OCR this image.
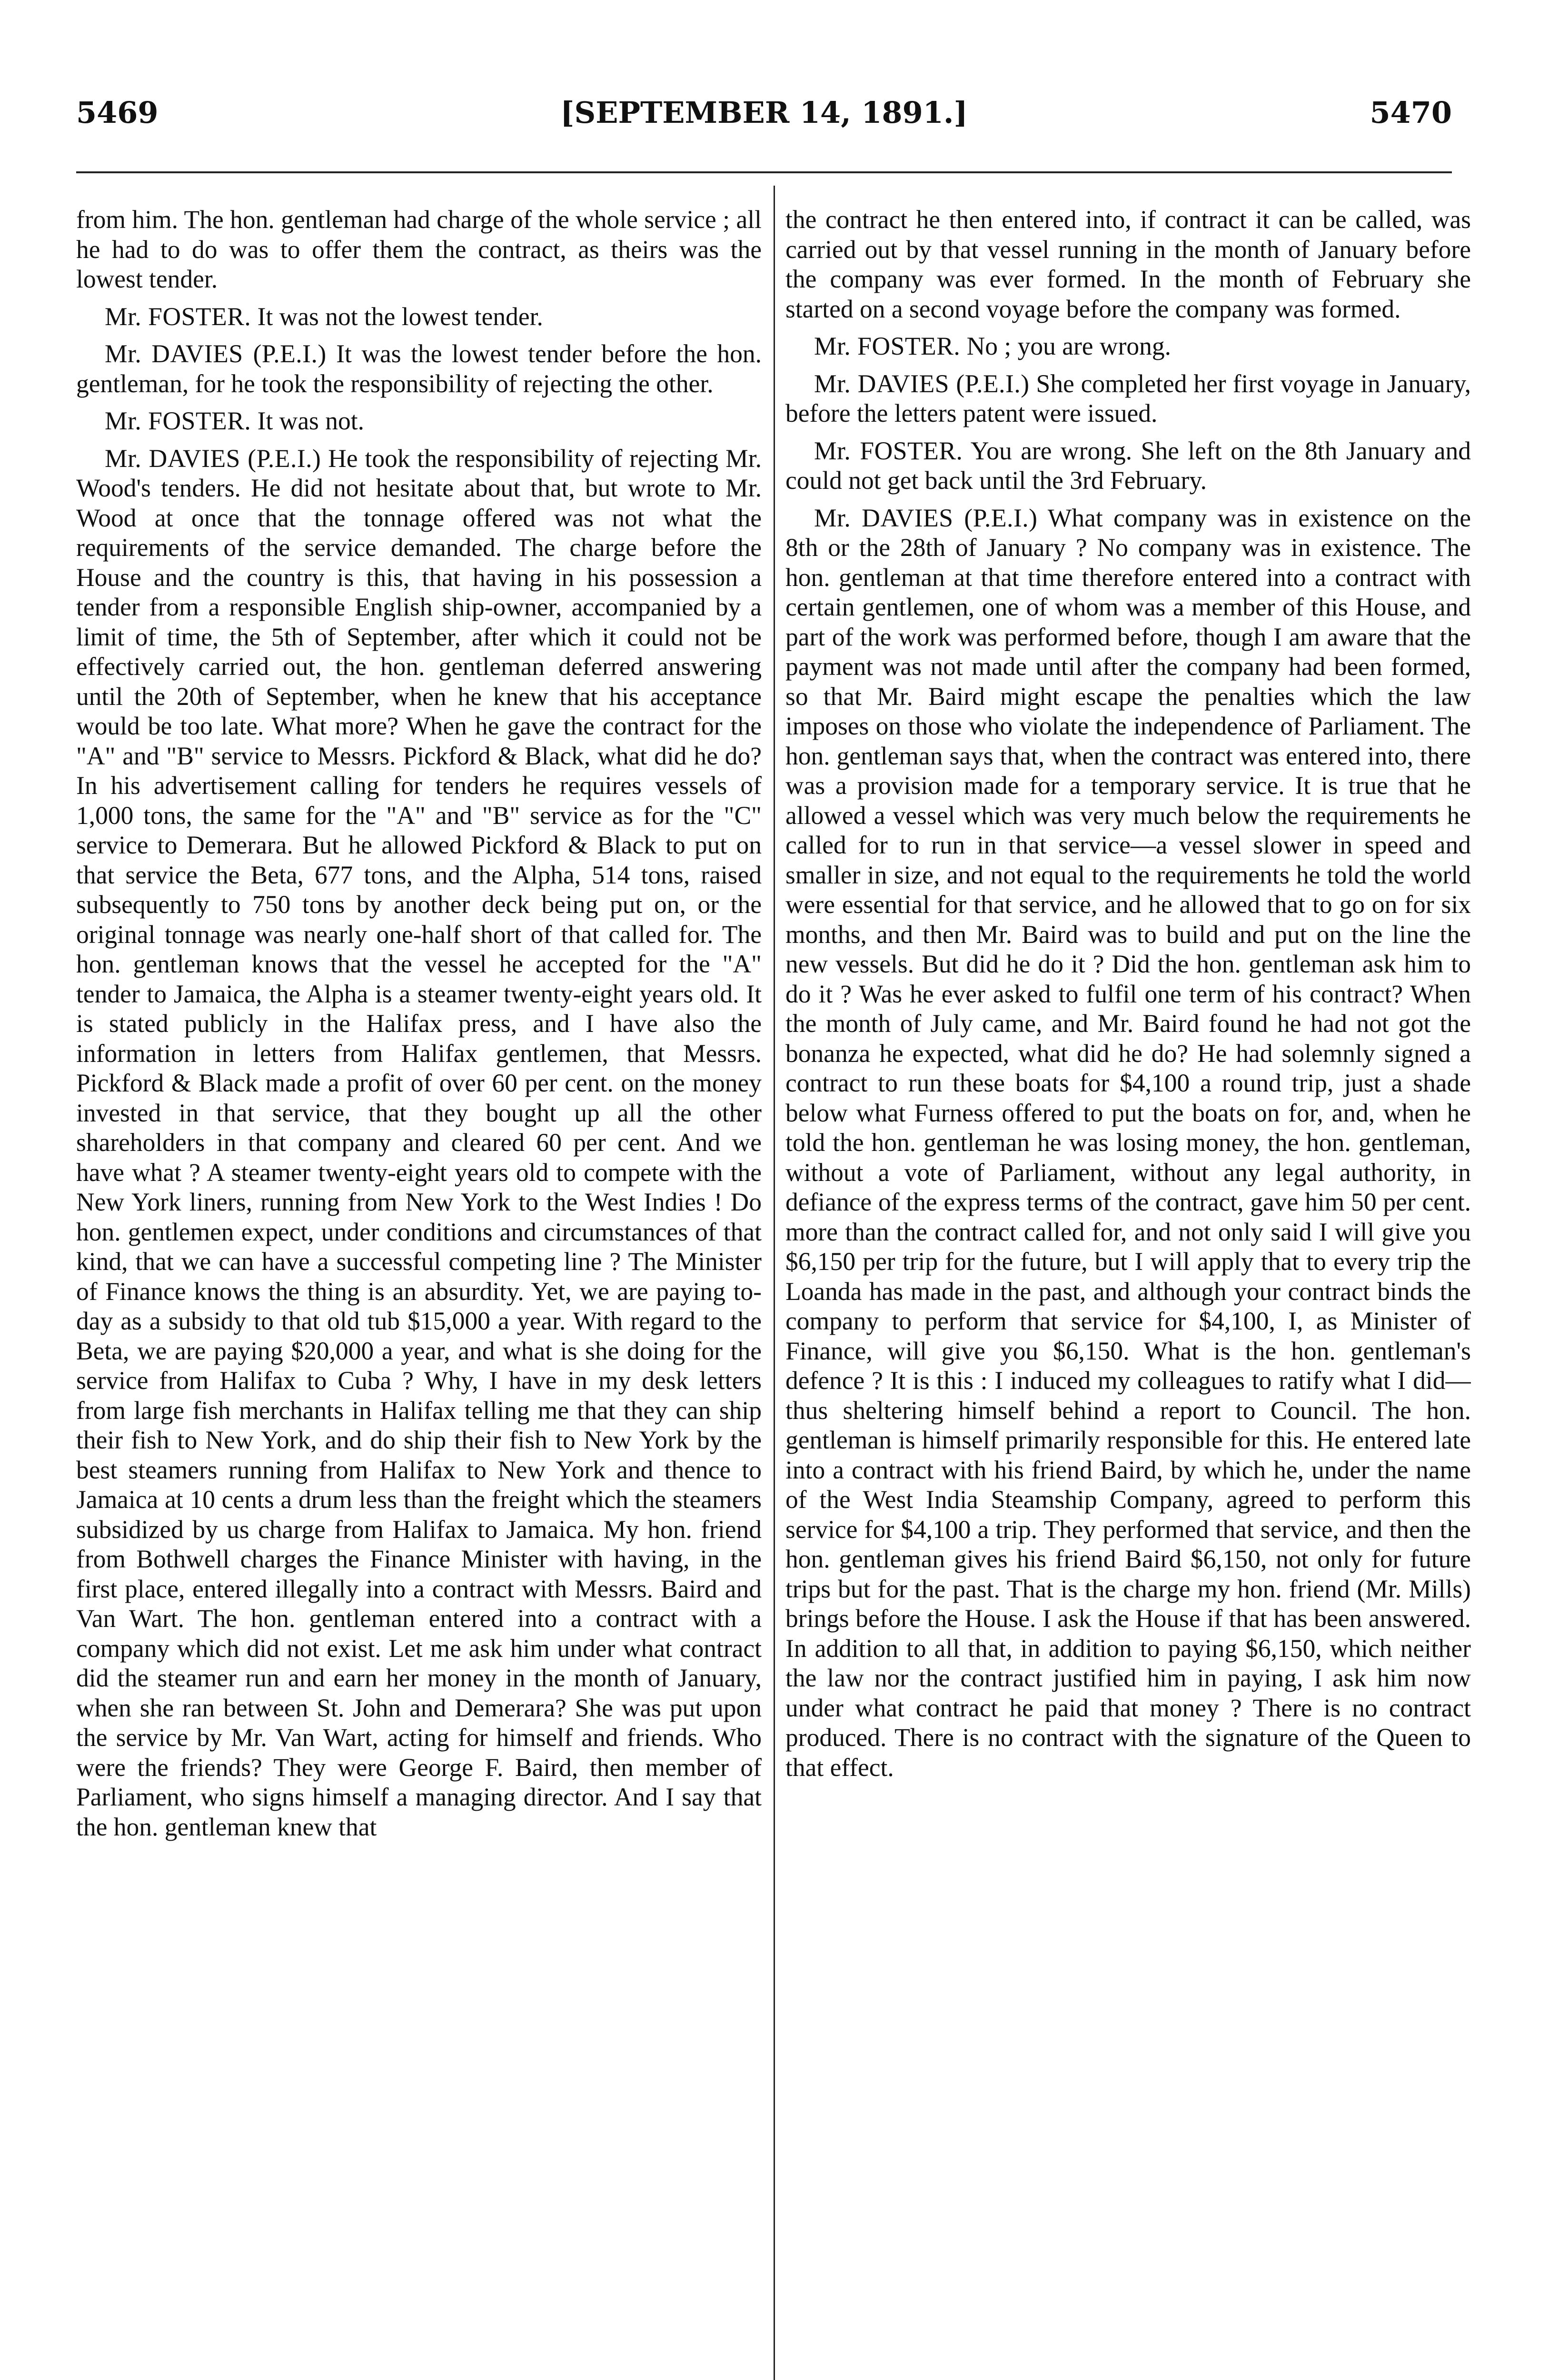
5469	[SEPTEMBER 14, 1891.]	5470

from him. The hon. gentleman had charge of the whole service ; all he had to do was to offer them the contract, as theirs was the lowest tender.

Mr. FOSTER. It was not the lowest tender.

Mr. DAVIES (P.E.I.) It was the lowest tender before the hon. gentleman, for he took the responsibility of rejecting the other.

Mr. FOSTER. It was not.

Mr. DAVIES (P.E.I.) He took the responsibility of rejecting Mr. Wood's tenders. He did not hesitate about that, but wrote to Mr. Wood at once that the tonnage offered was not what the requirements of the service demanded. The charge before the House and the country is this, that having in his possession a tender from a responsible English ship-owner, accompanied by a limit of time, the 5th of September, after which it could not be effectively carried out, the hon. gentleman deferred answering until the 20th of September, when he knew that his acceptance would be too late. What more? When he gave the contract for the "A" and "B" service to Messrs. Pickford & Black, what did he do? In his advertisement calling for tenders he requires vessels of 1,000 tons, the same for the "A" and "B" service as for the "C" service to Demerara. But he allowed Pickford & Black to put on that service the Beta, 677 tons, and the Alpha, 514 tons, raised subsequently to 750 tons by another deck being put on, or the original tonnage was nearly one-half short of that called for. The hon. gentleman knows that the vessel he accepted for the "A" tender to Jamaica, the Alpha is a steamer twenty-eight years old. It is stated publicly in the Halifax press, and I have also the information in letters from Halifax gentlemen, that Messrs. Pickford & Black made a profit of over 60 per cent. on the money invested in that service, that they bought up all the other shareholders in that company and cleared 60 per cent. And we have what ? A steamer twenty-eight years old to compete with the New York liners, running from New York to the West Indies ! Do hon. gentlemen expect, under conditions and circumstances of that kind, that we can have a successful competing line ? The Minister of Finance knows the thing is an absurdity. Yet, we are paying to-day as a subsidy to that old tub $15,000 a year. With regard to the Beta, we are paying $20,000 a year, and what is she doing for the service from Halifax to Cuba ? Why, I have in my desk letters from large fish merchants in Halifax telling me that they can ship their fish to New York, and do ship their fish to New York by the best steamers running from Halifax to New York and thence to Jamaica at 10 cents a drum less than the freight which the steamers subsidized by us charge from Halifax to Jamaica. My hon. friend from Bothwell charges the Finance Minister with having, in the first place, entered illegally into a contract with Messrs. Baird and Van Wart. The hon. gentleman entered into a contract with a company which did not exist. Let me ask him under what contract did the steamer run and earn her money in the month of January, when she ran between St. John and Demerara? She was put upon the service by Mr. Van Wart, acting for himself and friends. Who were the friends? They were George F. Baird, then member of Parliament, who signs himself a managing director. And I say that the hon. gentleman knew that

the contract he then entered into, if contract it can be called, was carried out by that vessel running in the month of January before the company was ever formed. In the month of February she started on a second voyage before the company was formed.

Mr. FOSTER. No ; you are wrong.

Mr. DAVIES (P.E.I.) She completed her first voyage in January, before the letters patent were issued.

Mr. FOSTER. You are wrong. She left on the 8th January and could not get back until the 3rd February.

Mr. DAVIES (P.E.I.) What company was in existence on the 8th or the 28th of January ? No company was in existence. The hon. gentleman at that time therefore entered into a contract with certain gentlemen, one of whom was a member of this House, and part of the work was performed before, though I am aware that the payment was not made until after the company had been formed, so that Mr. Baird might escape the penalties which the law imposes on those who violate the independence of Parliament. The hon. gentleman says that, when the contract was entered into, there was a provision made for a temporary service. It is true that he allowed a vessel which was very much below the requirements he called for to run in that service—a vessel slower in speed and smaller in size, and not equal to the requirements he told the world were essential for that service, and he allowed that to go on for six months, and then Mr. Baird was to build and put on the line the new vessels. But did he do it ? Did the hon. gentleman ask him to do it ? Was he ever asked to fulfil one term of his contract? When the month of July came, and Mr. Baird found he had not got the bonanza he expected, what did he do? He had solemnly signed a contract to run these boats for $4,100 a round trip, just a shade below what Furness offered to put the boats on for, and, when he told the hon. gentleman he was losing money, the hon. gentleman, without a vote of Parliament, without any legal authority, in defiance of the express terms of the contract, gave him 50 per cent. more than the contract called for, and not only said I will give you $6,150 per trip for the future, but I will apply that to every trip the Loanda has made in the past, and although your contract binds the company to perform that service for $4,100, I, as Minister of Finance, will give you $6,150. What is the hon. gentleman's defence ? It is this : I induced my colleagues to ratify what I did—thus sheltering himself behind a report to Council. The hon. gentleman is himself primarily responsible for this. He entered late into a contract with his friend Baird, by which he, under the name of the West India Steamship Company, agreed to perform this service for $4,100 a trip. They performed that service, and then the hon. gentleman gives his friend Baird $6,150, not only for future trips but for the past. That is the charge my hon. friend (Mr. Mills) brings before the House. I ask the House if that has been answered. In addition to all that, in addition to paying $6,150, which neither the law nor the contract justified him in paying, I ask him now under what contract he paid that money ? There is no contract produced. There is no contract with the signature of the Queen to that effect.
